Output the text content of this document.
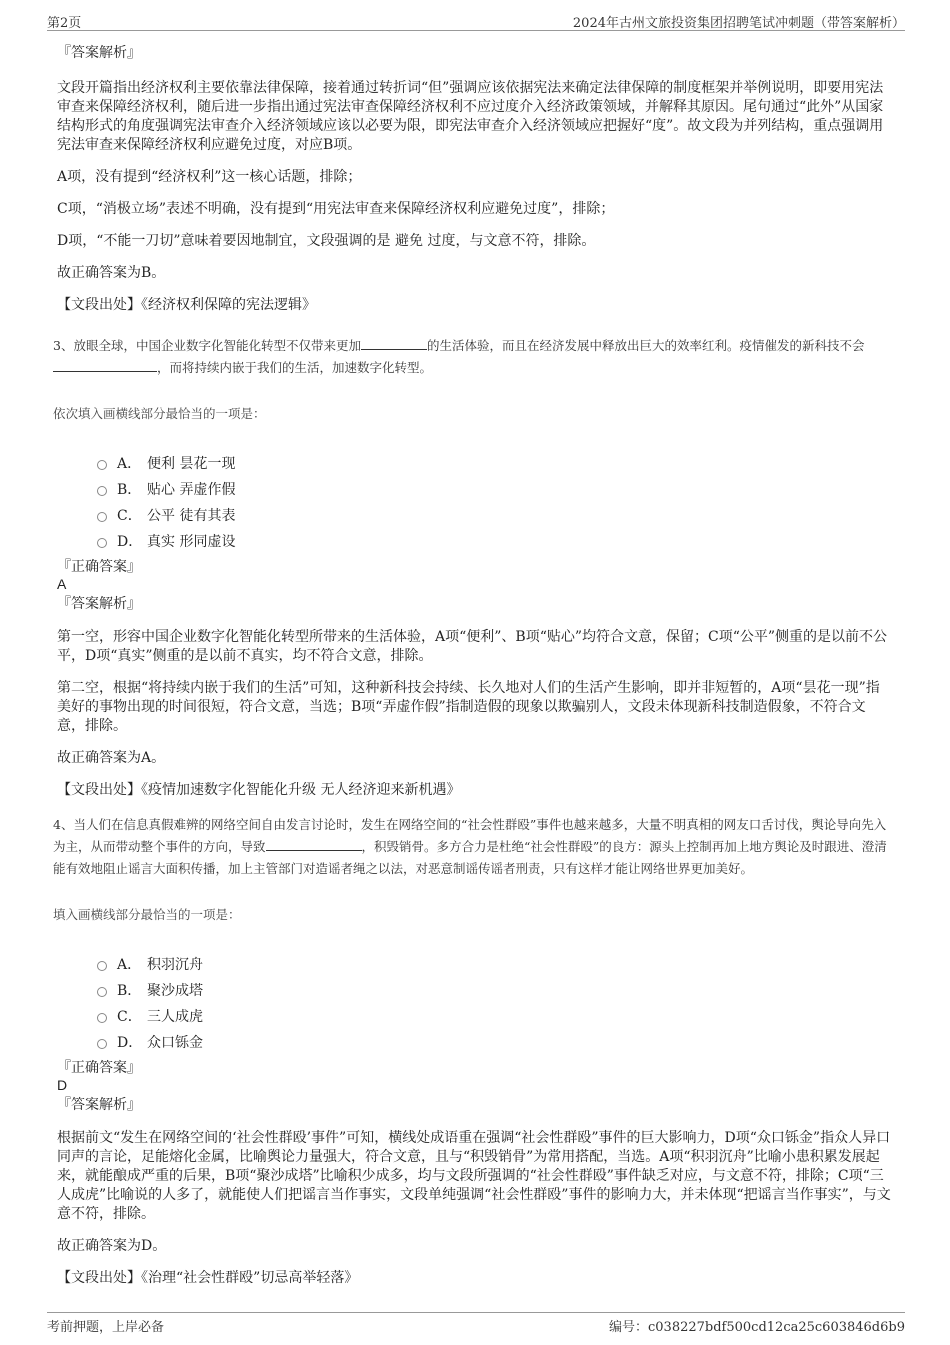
第2页	2024年古州文旅投资集团招聘笔试冲刺题（带答案解析）

『答案解析』

文段开篇指出经济权利主要依靠法律保障，接着通过转折词“但”强调应该依据宪法来确定法律保障的制度框架并举例说明，即要用宪法审查来保障经济权利，随后进一步指出通过宪法审查保障经济权利不应过度介入经济政策领域，并解释其原因。尾句通过“此外”从国家结构形式的角度强调宪法审查介入经济领域应该以必要为限，即宪法审查介入经济领域应把握好“度”。故文段为并列结构，重点强调用宪法审查来保障经济权利应避免过度，对应B项。

A项，没有提到“经济权利”这一核心话题，排除；

C项，“消极立场”表述不明确，没有提到“用宪法审查来保障经济权利应避免过度”，排除；

D项，“不能一刀切”意味着要因地制宜，文段强调的是 避免 过度，与文意不符，排除。

故正确答案为B。

【文段出处】《经济权利保障的宪法逻辑》

3、放眼全球，中国企业数字化智能化转型不仅带来更加	的生活体验，而且在经济发展中释放出巨大的效率红利。疫情催发的新科技不会，而将持续内嵌于我们的生活，加速数字化转型。

依次填入画横线部分最恰当的一项是：

A． 便利 昙花一现
B． 贴心 弄虚作假
C． 公平 徒有其表
D． 真实 形同虚设

『正确答案』

A

『答案解析』

第一空，形容中国企业数字化智能化转型所带来的生活体验，A项“便利”、B项“贴心”均符合文意，保留；C项“公平”侧重的是以前不公平，D项“真实”侧重的是以前不真实，均不符合文意，排除。

第二空，根据“将持续内嵌于我们的生活”可知，这种新科技会持续、长久地对人们的生活产生影响，即并非短暂的，A项“昙花一现”指美好的事物出现的时间很短，符合文意，当选；B项“弄虚作假”指制造假的现象以欺骗别人，文段未体现新科技制造假象，不符合文意，排除。

故正确答案为A。

【文段出处】《疫情加速数字化智能化升级 无人经济迎来新机遇》

4、当人们在信息真假难辨的网络空间自由发言讨论时，发生在网络空间的“社会性群殴”事件也越来越多，大量不明真相的网友口舌讨伐，舆论导向先入为主，从而带动整个事件的方向，导致	，积毁销骨。多方合力是杜绝“社会性群殴”的良方：源头上控制再加上地方舆论及时跟进、澄清能有效地阻止谣言大面积传播，加上主管部门对造谣者绳之以法，对恶意制谣传谣者刑责，只有这样才能让网络世界更加美好。

填入画横线部分最恰当的一项是：

A． 积羽沉舟
B． 聚沙成塔
C． 三人成虎
D． 众口铄金

『正确答案』

D

『答案解析』

根据前文“发生在网络空间的‘社会性群殴’事件”可知，横线处成语重在强调“社会性群殴”事件的巨大影响力，D项“众口铄金”指众人异口同声的言论，足能熔化金属，比喻舆论力量强大，符合文意，且与“积毁销骨”为常用搭配，当选。A项“积羽沉舟”比喻小患积累发展起来，就能酿成严重的后果，B项“聚沙成塔”比喻积少成多，均与文段所强调的“社会性群殴”事件缺乏对应，与文意不符，排除；C项“三人成虎”比喻说的人多了，就能使人们把谣言当作事实，文段单纯强调“社会性群殴”事件的影响力大，并未体现“把谣言当作事实”，与文意不符，排除。

故正确答案为D。

【文段出处】《治理“社会性群殴”切忌高举轻落》

考前押题，上岸必备	编号：c038227bdf500cd12ca25c603846d6b9
